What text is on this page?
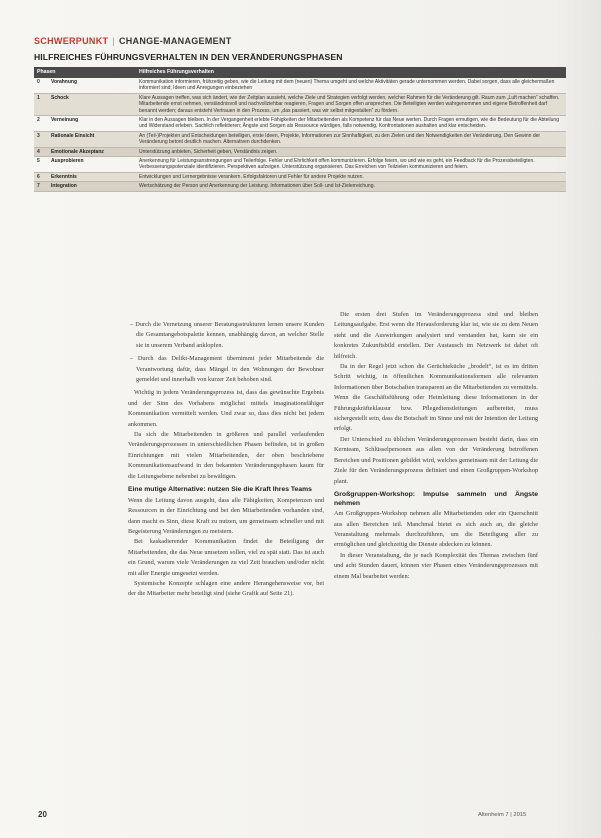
SCHWERPUNKT | CHANGE-MANAGEMENT
HILFREICHES FÜHRUNGSVERHALTEN IN DEN VERÄNDERUNGSPHASEN
Phasen		Hilfreiches Führungsverhalten
0	Vorahnung	Kommunikation informieren, frühzeitig geben, wie die Leitung mit dem (neuen) Thema umgeht und welche Aktivitäten gerade unternommen werden. Dabei sorgen, dass alle gleichermaßen informiert sind; Ideen und Anregungen einbeziehen
1	Schock	Klare Aussagen treffen, was sich ändert, wie der Zeitplan aussieht, welche Ziele und Strategien verfolgt werden, welcher Rahmen für die Veränderung gilt. Raum zum „Luft machen“ schaffen. Mitarbeitende ernst nehmen, verständnisvoll und nachvollziehbar reagieren, Fragen und Sorgen offen ansprechen. Die Beteiligten werden wahrgenommen und eigene Betroffenheit darf benannt werden; daraus entsteht Vertrauen in den Prozess, um „das passiert, was wir selbst mitgestalten“ zu fördern.
2	Verneinung	Klar in den Aussagen bleiben. In der Vergangenheit erlebte Fähigkeiten der Mitarbeitenden als Kompetenz für das Neue werten. Durch Fragen ermutigen, wie die Bedeutung für die Abteilung und Widerstand erleben. Sachlich reflektieren; Ängste und Sorgen als Ressource würdigen, falls notwendig, Konfrontationen aushalten und klar entscheiden.
3	Rationale Einsicht	An (Teil-)Projekten und Entscheidungen beteiligen, erste Ideen, Projekte, Informationen zur Sinnhaftigkeit, zu den Zielen und den Notwendigkeiten der Veränderung. Den Gewinn der Veränderung betont deutlich machen. Alternativen durchdenken.
4	Emotionale Akzeptanz	Unterstützung anbieten, Sicherheit geben, Verständnis zeigen.
5	Ausprobieren	Anerkennung für Leistungsanstrengungen und Teilerfolge. Fehler und Ehrlichkeit offen kommunizieren. Erfolge feiern, wo und wie es geht, ein Feedback für die Prozessbeteiligten. Verbesserungspotenziale identifizieren. Perspektiven aufzeigen. Unterstützung organisieren. Das Erreichen von Teilzielen kommunizieren und feiern.
6	Erkenntnis	Entwicklungen und Lernergebnisse verankern. Erfolgsfaktoren und Fehler für andere Projekte nutzen.
7	Integration	Wertschätzung der Person und Anerkennung der Leistung. Informationen über Soll- und Ist-Zielerreichung.

– Durch die Vernetzung unserer Beratungsstrukturen lernen unsere Kunden die Gesamtangebotspalette kennen, unabhängig davon, an welcher Stelle sie in unserem Verband anklopfen.

– Durch das Delikt-Management übernimmt jeder Mitarbeitende die Verantwortung dafür, dass Mängel in den Wohnungen der Bewohner gemeldet und innerhalb von kurzer Zeit behoben sind.

Wichtig in jedem Veränderungsprozess ist, dass das gewünschte Ergebnis und der Sinn des Vorhabens möglichst mittels imaginationsfähiger Kommunikation vermittelt werden. Und zwar so, dass dies nicht bei jedem ankommen.

Da sich die Mitarbeitenden in größeren und parallel verlaufenden Veränderungsprozessen in unterschiedlichen Phasen befinden, ist in großen Einrichtungen mit vielen Mitarbeitenden, der oben beschriebene Kommunikationsaufwand in den bekannten Veränderungsphasen kaum für die Leitungsebene nebenbei zu bewältigen.

Eine mutige Alternative: nutzen Sie die Kraft Ihres Teams

Wenn die Leitung davon ausgeht, dass alle Fähigkeiten, Kompetenzen und Ressourcen in der Einrichtung und bei den Mitarbeitenden vorhanden sind, dann macht es Sinn, diese Kraft zu nutzen, um gemeinsam schneller und mit Begeisterung Veränderungen zu meistern.

Bei kaskadierender Kommunikation findet die Beteiligung der Mitarbeitenden, die das Neue umsetzen sollen, viel zu spät statt. Das ist auch ein Grund, warum viele Veränderungen zu viel Zeit brauchen und/oder nicht mit aller Energie umgesetzt werden.

Systemische Konzepte schlagen eine andere Herangehensweise vor, bei der die Mitarbeiter mehr beteiligt sind (siehe Grafik auf Seite 21).

Die ersten drei Stufen im Veränderungsprozess sind und bleiben Leitungsaufgabe. Erst wenn die Herausforderung klar ist, wie sie zu dem Neuen steht und die Auswirkungen analysiert und verstanden hat, kann sie ein konkretes Zukunftsbild erstellen. Der Austausch im Netzwerk ist dabei oft hilfreich.

Da in der Regel jetzt schon die Gerüchteküche „brodelt“, ist es im dritten Schritt wichtig, in öffentlichen Kommunikationsformen alle relevanten Informationen über Botschaften transparent an die Mitarbeitenden zu vermitteln. Wenn die Geschäftsführung oder Heimleitung diese Informationen in der Führungskräfteklausur bzw. Pflegedienstleitungen aufbereitet, muss sichergestellt sein, dass die Botschaft im Sinne und mit der Intention der Leitung erfolgt.

Der Unterschied zu üblichen Veränderungsprozessen besteht darin, dass ein Kernteam, Schlüsselpersonen aus allen von der Veränderung betroffenen Bereichen und Positionen gebildet wird, welches gemeinsam mit der Leitung die Ziele für den Veränderungsprozess definiert und einen Großgruppen-Workshop plant.

Großgruppen-Workshop: Impulse sammeln und Ängste nehmen

Am Großgruppen-Workshop nehmen alle Mitarbeitenden oder ein Querschnitt aus allen Bereichen teil. Manchmal bietet es sich auch an, die gleiche Veranstaltung mehrmals durchzuführen, um die Beteiligung aller zu ermöglichen und gleichzeitig die Dienste abdecken zu können.

In dieser Veranstaltung, die je nach Komplexität des Themas zwischen fünf und acht Stunden dauert, können vier Phasen eines Veränderungsprozesses mit einem Mal bearbeitet werden:

20	Altenheim 7 | 2015
